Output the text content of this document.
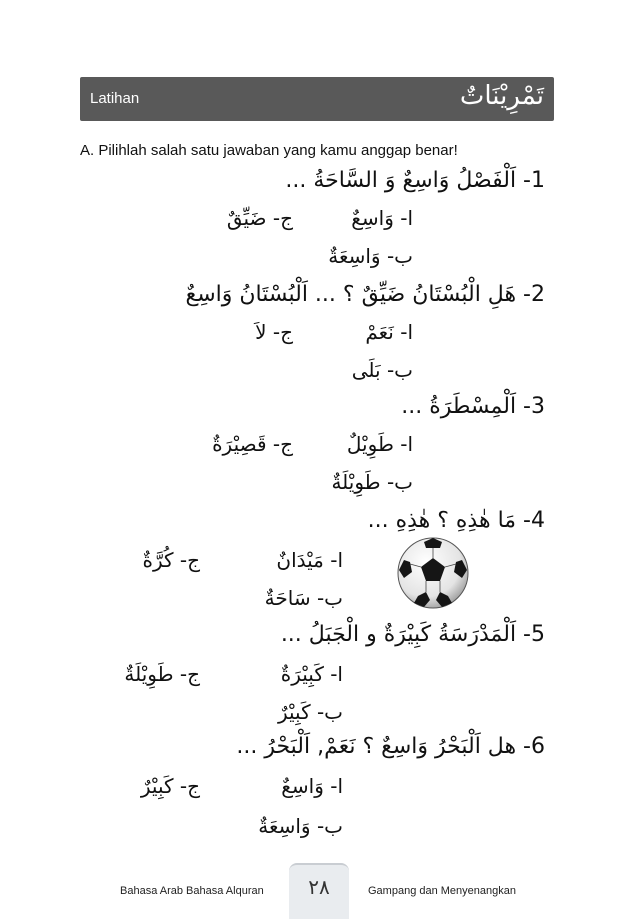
Latihan	تَمْرِيْنَاتٌ
A. Pilihlah salah satu jawaban yang kamu anggap benar!
1- اَلْفَصْلُ وَاسِعٌ وَ السَّاحَةُ ...
ا- وَاسِعٌ
ب- وَاسِعَةٌ
ج- ضَيِّقٌ
2- هَلِ الْبُسْتَانُ ضَيِّقٌ ؟ ... اَلْبُسْتَانُ وَاسِعٌ
ا- نَعَمْ
ب- بَلَى
ج- لاَ
3- اَلْمِسْطَرَةُ ...
ا- طَوِيْلٌ
ب- طَوِيْلَةٌ
ج- قَصِيْرَةٌ
4- مَا هٰذِهِ ؟ هٰذِهِ ...
ا- مَيْدَانٌ
ب- سَاحَةٌ
ج- كُرَّةٌ
5- اَلْمَدْرَسَةُ كَبِيْرَةٌ و الْجَبَلُ ...
ا- كَبِيْرَةٌ
ب- كَبِيْرٌ
ج- طَوِيْلَةٌ
6- هل اَلْبَحْرُ وَاسِعٌ ؟ نَعَمْ, اَلْبَحْرُ ...
ا- وَاسِعٌ
ب- وَاسِعَةٌ
ج- كَبِيْرٌ
Bahasa Arab Bahasa Alquran	٢٨	Gampang dan Menyenangkan
